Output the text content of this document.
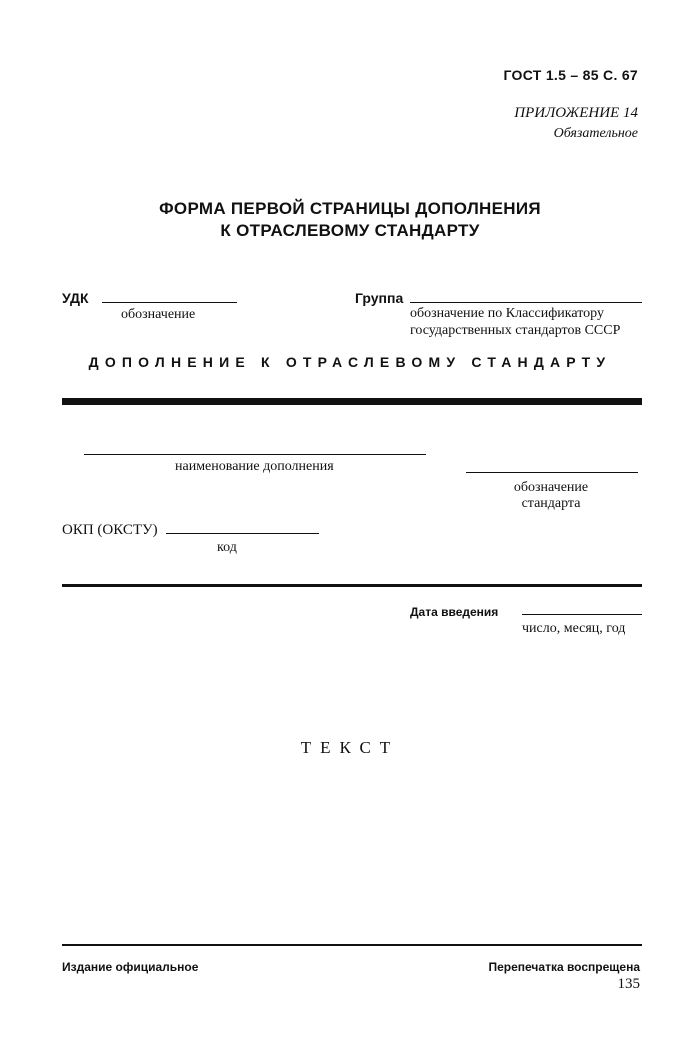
ГОСТ 1.5 – 85 С. 67
ПРИЛОЖЕНИЕ 14
Обязательное
ФОРМА ПЕРВОЙ СТРАНИЦЫ ДОПОЛНЕНИЯ
К ОТРАСЛЕВОМУ СТАНДАРТУ
УДК
обозначение
Группа
обозначение по Классификатору
государственных стандартов СССР
ДОПОЛНЕНИЕ К ОТРАСЛЕВОМУ СТАНДАРТУ
наименование дополнения
обозначение
стандарта
ОКП (ОКСТУ)
код
Дата введения
число, месяц, год
ТЕКСТ
Издание официальное	Перепечатка воспрещена
135
